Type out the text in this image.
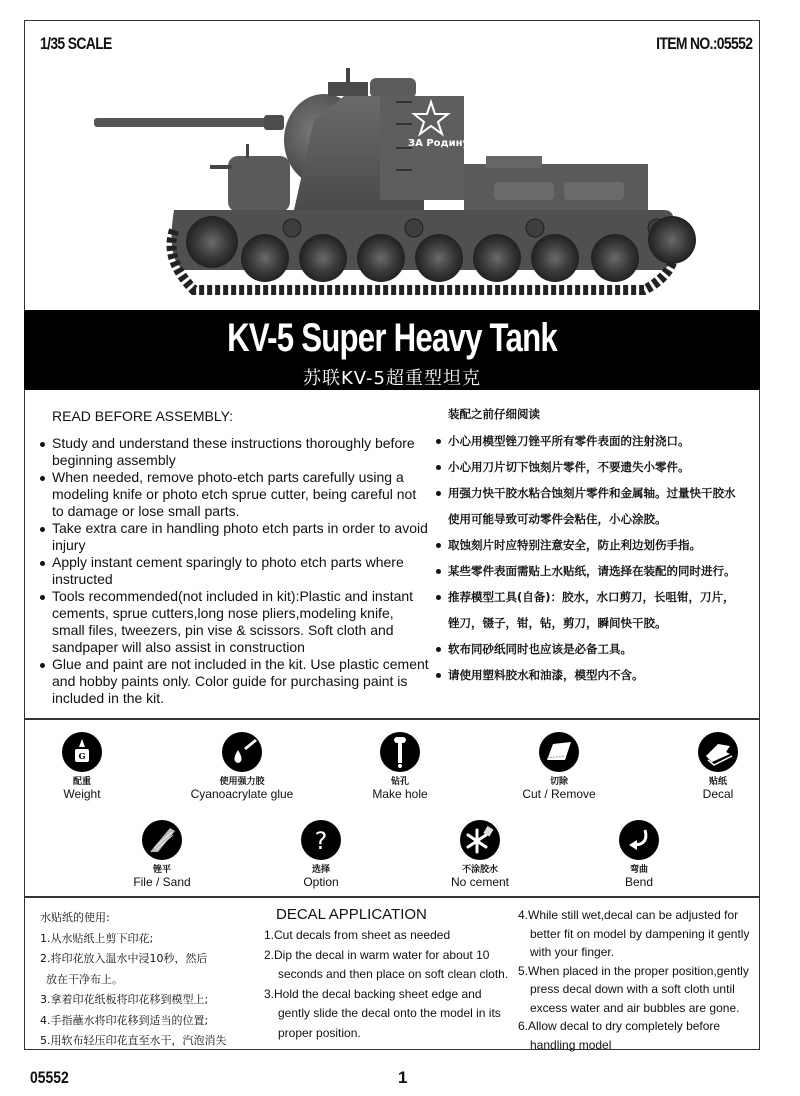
1/35 SCALE	ITEM NO.:05552
ЗА Родину
KV-5 Super Heavy Tank
苏联KV-5超重型坦克
READ BEFORE ASSEMBLY:
Study and understand these instructions thoroughly before beginning assembly
When needed, remove photo-etch parts carefully using a modeling knife or photo etch sprue cutter, being careful not to damage or lose small parts.
Take extra care in handling photo etch parts in order to avoid injury
Apply instant cement sparingly to photo etch parts where instructed
Tools recommended(not included in kit):Plastic and instant cements, sprue cutters,long nose pliers,modeling knife, small files, tweezers, pin vise & scissors. Soft cloth and sandpaper will also assist in construction
Glue and paint are not included in the kit. Use plastic cement and hobby paints only. Color guide for purchasing paint is included in the kit.
装配之前仔细阅读
小心用模型锉刀锉平所有零件表面的注射浇口。
小心用刀片切下蚀刻片零件，不要遗失小零件。
用强力快干胶水粘合蚀刻片零件和金属轴。过量快干胶水
使用可能导致可动零件会粘住，小心涂胶。
取蚀刻片时应特别注意安全，防止利边划伤手指。
某些零件表面需贴上水贴纸，请选择在装配的同时进行。
推荐模型工具(自备)：胶水，水口剪刀，长咀钳，刀片，
锉刀，镊子，钳，钻，剪刀，瞬间快干胶。
软布同砂纸同时也应该是必备工具。
请使用塑料胶水和油漆，模型内不含。
G
配重
Weight
使用强力胶
Cyanoacrylate glue
钻孔
Make hole
切除
Cut / Remove
贴纸
Decal
锉平
File / Sand
?
选择
Option
不涂胶水
No cement
弯曲
Bend
水贴纸的使用:
1.从水贴纸上剪下印花;
2.将印花放入温水中浸10秒，然后
放在干净布上。
3.拿着印花纸板将印花移到模型上;
4.手指蘸水将印花移到适当的位置;
5.用软布轻压印花直至水干，汽泡消失
DECAL APPLICATION
1.Cut decals from sheet as needed
2.Dip the decal in warm water for about 10
seconds and then place on soft clean cloth.
3.Hold the decal backing sheet edge and
gently slide the decal onto the model in its
proper position.
4.While still wet,decal can be adjusted for
better fit on model by dampening it gently
with your finger.
5.When placed in the proper position,gently
press decal down with a soft cloth until
excess water and air bubbles are gone.
6.Allow decal to dry completely before
handling model
05552	1
